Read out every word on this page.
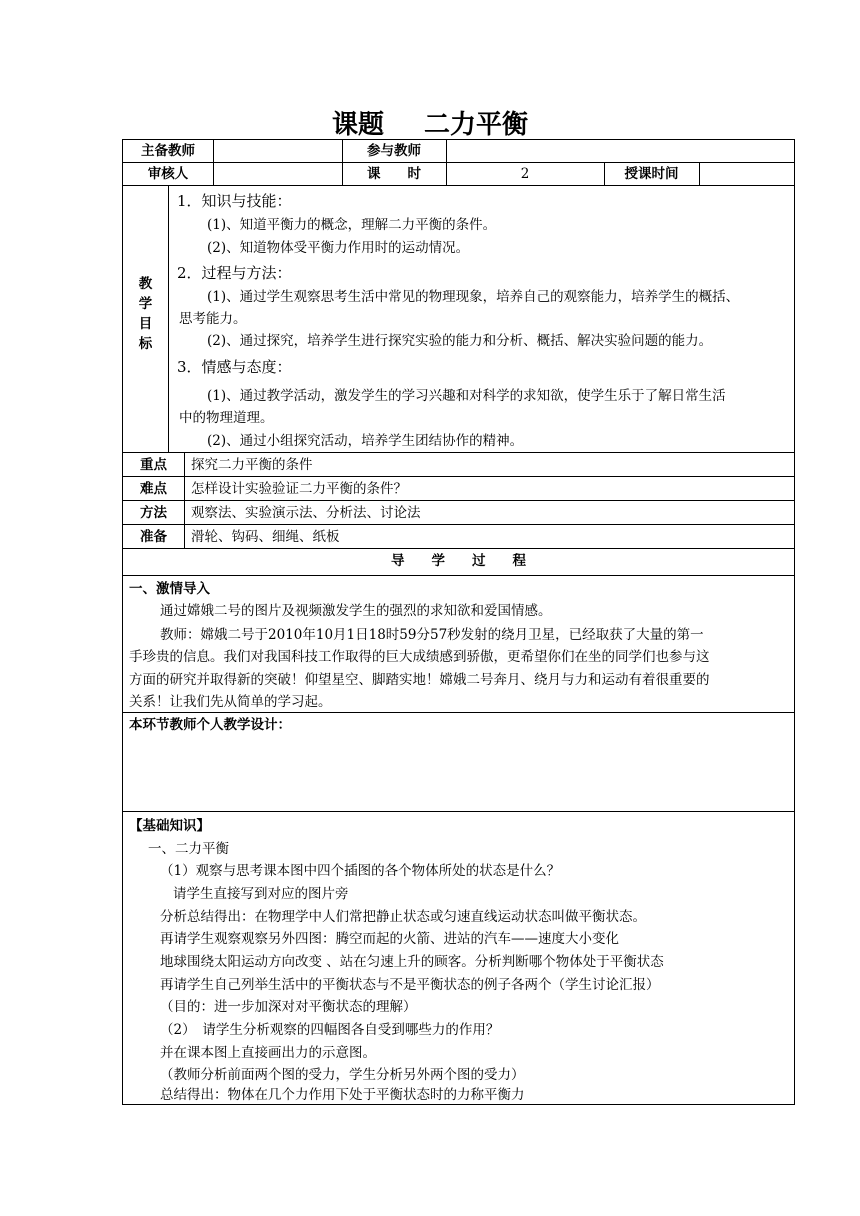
课题 二力平衡
主备教师	参与教师
审核人	课　　时	2	授课时间
教
学
目
标
1．知识与技能：
(1)、知道平衡力的概念，理解二力平衡的条件。
(2)、知道物体受平衡力作用时的运动情况。
2．过程与方法：
(1)、通过学生观察思考生活中常见的物理现象，培养自己的观察能力，培养学生的概括、
思考能力。
(2)、通过探究，培养学生进行探究实验的能力和分析、概括、解决实验问题的能力。
3．情感与态度：
(1)、通过教学活动，激发学生的学习兴趣和对科学的求知欲，使学生乐于了解日常生活
中的物理道理。
(2)、通过小组探究活动，培养学生团结协作的精神。
重点	探究二力平衡的条件
难点	怎样设计实验验证二力平衡的条件？
方法	观察法、实验演示法、分析法、讨论法
准备	滑轮、钩码、细绳、纸板
导　　学　　过　　程
一、激情导入
通过嫦娥二号的图片及视频激发学生的强烈的求知欲和爱国情感。
教师：嫦娥二号于2010年10月1日18时59分57秒发射的绕月卫星，已经取获了大量的第一
手珍贵的信息。我们对我国科技工作取得的巨大成绩感到骄傲，更希望你们在坐的同学们也参与这
方面的研究并取得新的突破！仰望星空、脚踏实地！嫦娥二号奔月、绕月与力和运动有着很重要的
关系！让我们先从简单的学习起。
本环节教师个人教学设计：
【基础知识】
一、二力平衡
（1）观察与思考课本图中四个插图的各个物体所处的状态是什么？
请学生直接写到对应的图片旁
分析总结得出：在物理学中人们常把静止状态或匀速直线运动状态叫做平衡状态。
再请学生观察观察另外四图：腾空而起的火箭、进站的汽车——速度大小变化
地球围绕太阳运动方向改变 、站在匀速上升的顾客。分析判断哪个物体处于平衡状态
再请学生自己列举生活中的平衡状态与不是平衡状态的例子各两个（学生讨论汇报）
（目的：进一步加深对对平衡状态的理解）
（2）　请学生分析观察的四幅图各自受到哪些力的作用？
并在课本图上直接画出力的示意图。
（教师分析前面两个图的受力，学生分析另外两个图的受力）
总结得出：物体在几个力作用下处于平衡状态时的力称平衡力
